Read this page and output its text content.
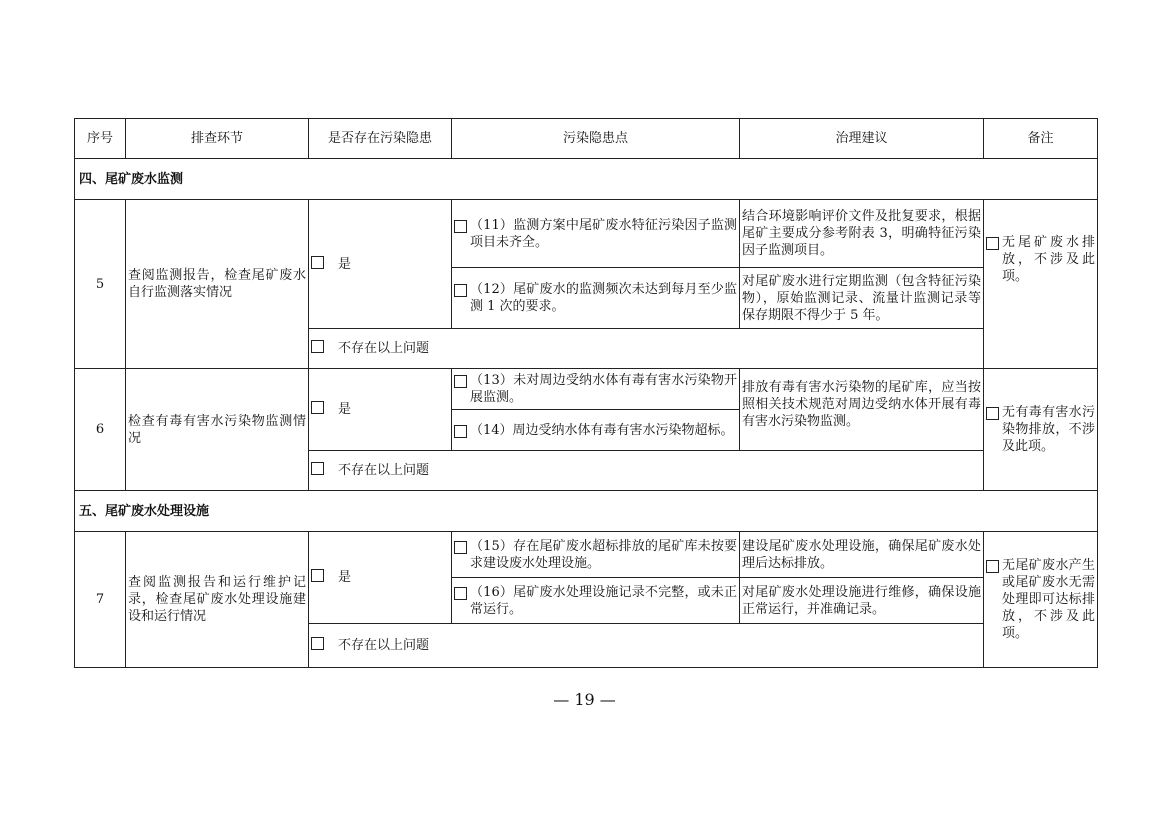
序号	排查环节	是否存在污染隐患	污染隐患点	治理建议	备注
四、尾矿废水监测					
5	查阅监测报告，检查尾矿废水自行监测落实情况	是	（11）监测方案中尾矿废水特征污染因子监测项目未齐全。	结合环境影响评价文件及批复要求，根据尾矿主要成分参考附表 3，明确特征污染因子监测项目。	无尾矿废水排放，不涉及此项。

			（12）尾矿废水的监测频次未达到每月至少监测 1 次的要求。	对尾矿废水进行定期监测（包含特征污染物），原始监测记录、流量计监测记录等保存期限不得少于 5 年。	
		不存在以上问题			
6	检查有毒有害水污染物监测情况	是	（13）未对周边受纳水体有毒有害水污染物开展监测。	排放有毒有害水污染物的尾矿库，应当按照相关技术规范对周边受纳水体开展有毒有害水污染物监测。	无有毒有害水污染物排放，不涉及此项。

			（14）周边受纳水体有毒有害水污染物超标。		

		不存在以上问题			
五、尾矿废水处理设施					
7	查阅监测报告和运行维护记录，检查尾矿废水处理设施建设和运行情况	是	（15）存在尾矿废水超标排放的尾矿库未按要求建设废水处理设施。	建设尾矿废水处理设施，确保尾矿废水处理后达标排放。	无尾矿废水产生或尾矿废水无需处理即可达标排放，不涉及此项。

			（16）尾矿废水处理设施记录不完整，或未正常运行。	对尾矿废水处理设施进行维修，确保设施正常运行，并准确记录。	
		不存在以上问题			
— 19 —
